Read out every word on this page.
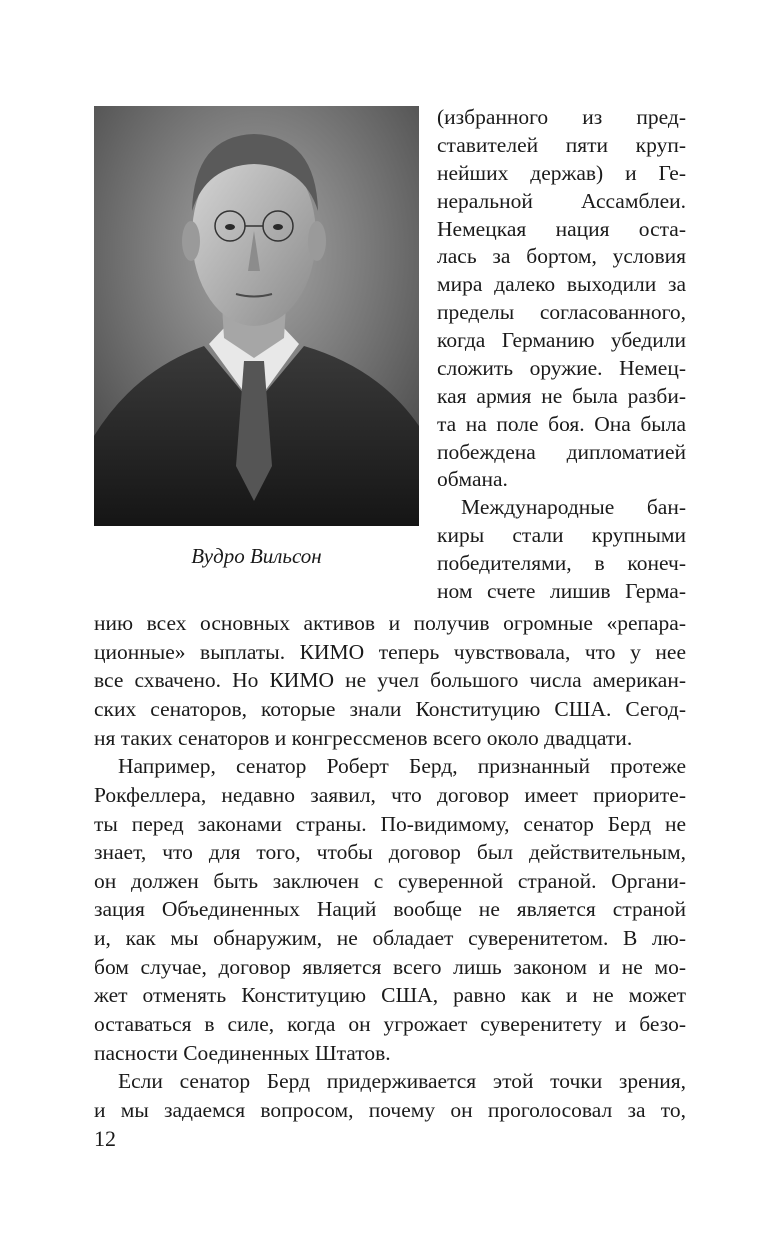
Вудро Вильсон
(избранного из пред-
ставителей пяти круп-
нейших держав) и Ге-
неральной Ассамблеи.
Немецкая нация оста-
лась за бортом, условия
мира далеко выходили за
пределы согласованного,
когда Германию убедили
сложить оружие. Немец-
кая армия не была разби-
та на поле боя. Она была
побеждена дипломатией
обмана.
Международные бан-
киры стали крупными
победителями, в конеч-
ном счете лишив Герма-
нию всех основных активов и получив огромные «репара-
ционные» выплаты. КИМО теперь чувствовала, что у нее
все схвачено. Но КИМО не учел большого числа американ-
ских сенаторов, которые знали Конституцию США. Сегод-
ня таких сенаторов и конгрессменов всего около двадцати.
Например, сенатор Роберт Берд, признанный протеже
Рокфеллера, недавно заявил, что договор имеет приорите-
ты перед законами страны. По-видимому, сенатор Берд не
знает, что для того, чтобы договор был действительным,
он должен быть заключен с суверенной страной. Органи-
зация Объединенных Наций вообще не является страной
и, как мы обнаружим, не обладает суверенитетом. В лю-
бом случае, договор является всего лишь законом и не мо-
жет отменять Конституцию США, равно как и не может
оставаться в силе, когда он угрожает суверенитету и безо-
пасности Соединенных Штатов.
12
Если сенатор Берд придерживается этой точки зрения,
и мы задаемся вопросом, почему он проголосовал за то,
